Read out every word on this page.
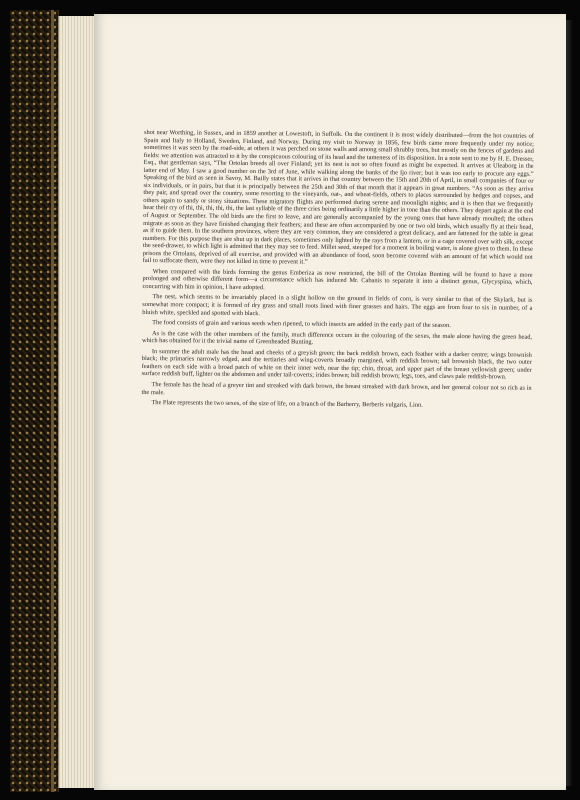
shot near Worthing, in Sussex, and in 1859 another at Lowestoft, in Suffolk. On the continent it is most widely distributed—from the hot countries of Spain and Italy to Holland, Sweden, Finland, and Norway. During my visit to Norway in 1856, few birds came more frequently under my notice; sometimes it was seen by the road-side, at others it was perched on stone walls and among small shrubby trees, but mostly on the fences of gardens and fields: we attention was attracted to it by the conspicuous colouring of its head and the tameness of its disposition. In a note sent to me by H. E. Dresser, Esq., that gentleman says, “The Ortolan breeds all over Finland; yet its nest is not so often found as might be expected. It arrives at Uleaborg in the latter end of May. I saw a good number on the 3rd of June, while walking along the banks of the Ijo river; but it was too early to procure any eggs.” Speaking of the bird as seen in Savoy, M. Bailly states that it arrives in that country between the 15th and 20th of April, in small companies of four or six individuals, or in pairs, but that it is principally between the 25th and 30th of that month that it appears in great numbers. “As soon as they arrive they pair, and spread over the country, some resorting to the vineyards, oat-, and wheat-fields, others to places surrounded by hedges and copses, and others again to sandy or stony situations. These migratory flights are performed during serene and moonlight nights; and it is then that we frequently hear their cry of thi, thi, thi, thi, thi, the last syllable of the three cries being ordinarily a little higher in tone than the others. They depart again at the end of August or September. The old birds are the first to leave, and are generally accompanied by the young ones that have already moulted; the others migrate as soon as they have finished changing their feathers; and these are often accompanied by one or two old birds, which usually fly at their head, as if to guide them. In the southern provinces, where they are very common, they are considered a great delicacy, and are fattened for the table in great numbers. For this purpose they are shut up in dark places, sometimes only lighted by the rays from a lantern, or in a cage covered over with silk, except the seed-drawer, to which light is admitted that they may see to feed. Millet seed, steeped for a moment in boiling water, is alone given to them. In these prisons the Ortolans, deprived of all exercise, and provided with an abundance of food, soon become covered with an amount of fat which would not fail to suffocate them, were they not killed in time to prevent it.”

When compared with the birds forming the genus Emberiza as now restricted, the bill of the Ortolan Bunting will be found to have a more prolonged and otherwise different form—a circumstance which has induced Mr. Cabanis to separate it into a distinct genus, Glycyspina, which, concurring with him in opinion, I have adopted.

The nest, which seems to be invariably placed in a slight hollow on the ground in fields of corn, is very similar to that of the Skylark, but is somewhat more compact; it is formed of dry grass and small roots lined with finer grasses and hairs. The eggs are from four to six in number, of a bluish white, speckled and spotted with black.

The food consists of grain and various seeds when ripened, to which insects are added in the early part of the season.

As is the case with the other members of the family, much difference occurs in the colouring of the sexes, the male alone having the green head, which has obtained for it the trivial name of Greenheaded Bunting.

In summer the adult male has the head and cheeks of a greyish green; the back reddish brown, each feather with a darker centre; wings brownish black; the primaries narrowly edged, and the tertiaries and wing-coverts broadly margined, with reddish brown; tail brownish black, the two outer feathers on each side with a broad patch of white on their inner web, near the tip; chin, throat, and upper part of the breast yellowish green; under surface reddish buff, lighter on the abdomen and under tail-coverts; irides brown; bill reddish brown; legs, toes, and claws pale reddish-brown.

The female has the head of a greyer tint and streaked with dark brown, the breast streaked with dark brown, and her general colour not so rich as in the male.

The Plate represents the two sexes, of the size of life, on a branch of the Barberry, Berberis vulgaris, Linn.
